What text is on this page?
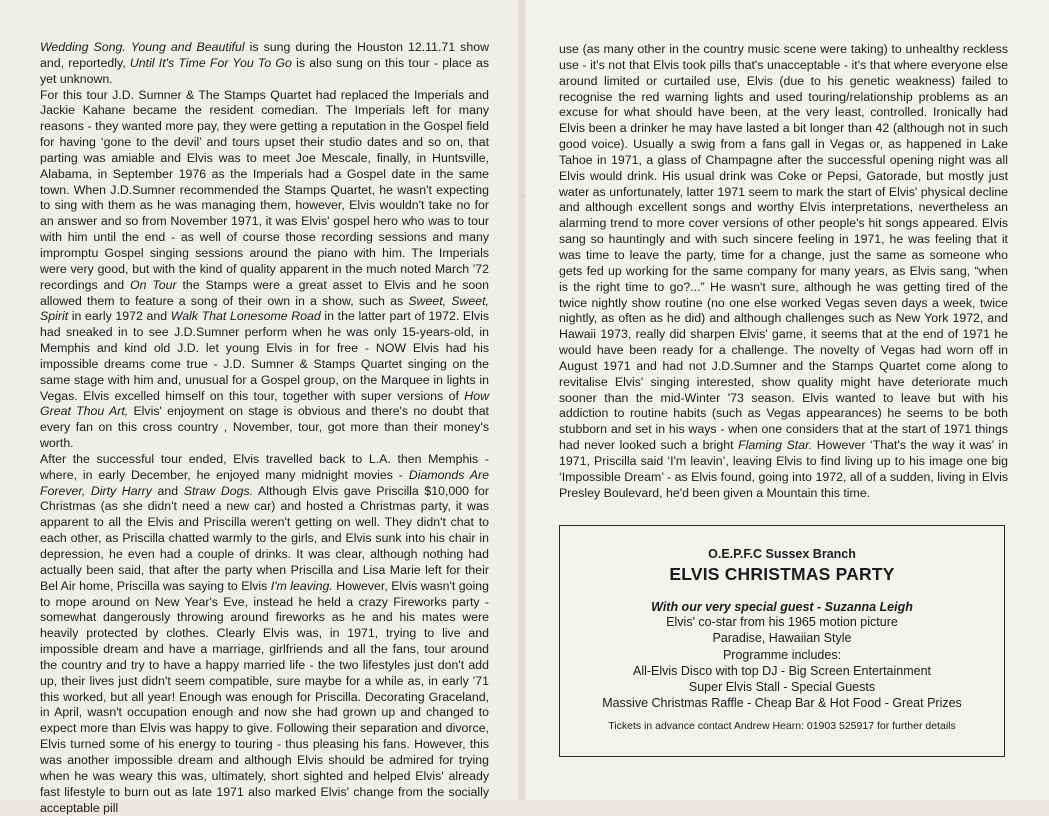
·

Wedding Song. Young and Beautiful is sung during the Houston 12.11.71 show and, reportedly, Until It's Time For You To Go is also sung on this tour - place as yet unknown.

For this tour J.D. Sumner & The Stamps Quartet had replaced the Imperials and Jackie Kahane became the resident comedian. The Imperials left for many reasons - they wanted more pay, they were getting a reputation in the Gospel field for having ‘gone to the devil’ and tours upset their studio dates and so on, that parting was amiable and Elvis was to meet Joe Mescale, finally, in Huntsville, Alabama, in September 1976 as the Imperials had a Gospel date in the same town. When J.D.Sumner recommended the Stamps Quartet, he wasn't expecting to sing with them as he was managing them, however, Elvis wouldn't take no for an answer and so from November 1971, it was Elvis' gospel hero who was to tour with him until the end - as well of course those recording sessions and many impromptu Gospel singing sessions around the piano with him. The Imperials were very good, but with the kind of quality apparent in the much noted March '72 recordings and On Tour the Stamps were a great asset to Elvis and he soon allowed them to feature a song of their own in a show, such as Sweet, Sweet, Spirit in early 1972 and Walk That Lonesome Road in the latter part of 1972. Elvis had sneaked in to see J.D.Sumner perform when he was only 15-years-old, in Memphis and kind old J.D. let young Elvis in for free - NOW Elvis had his impossible dreams come true - J.D. Sumner & Stamps Quartet singing on the same stage with him and, unusual for a Gospel group, on the Marquee in lights in Vegas. Elvis excelled himself on this tour, together with super versions of How Great Thou Art, Elvis' enjoyment on stage is obvious and there's no doubt that every fan on this cross country , November, tour, got more than their money's worth.

After the successful tour ended, Elvis travelled back to L.A. then Memphis - where, in early December, he enjoyed many midnight movies - Diamonds Are Forever, Dirty Harry and Straw Dogs. Although Elvis gave Priscilla $10,000 for Christmas (as she didn't need a new car) and hosted a Christmas party, it was apparent to all the Elvis and Priscilla weren't getting on well. They didn't chat to each other, as Priscilla chatted warmly to the girls, and Elvis sunk into his chair in depression, he even had a couple of drinks. It was clear, although nothing had actually been said, that after the party when Priscilla and Lisa Marie left for their Bel Air home, Priscilla was saying to Elvis I'm leaving. However, Elvis wasn't going to mope around on New Year's Eve, instead he held a crazy Fireworks party - somewhat dangerously throwing around fireworks as he and his mates were heavily protected by clothes. Clearly Elvis was, in 1971, trying to live and impossible dream and have a marriage, girlfriends and all the fans, tour around the country and try to have a happy married life - the two lifestyles just don't add up, their lives just didn't seem compatible, sure maybe for a while as, in early '71 this worked, but all year! Enough was enough for Priscilla. Decorating Graceland, in April, wasn't occupation enough and now she had grown up and changed to expect more than Elvis was happy to give. Following their separation and divorce, Elvis turned some of his energy to touring - thus pleasing his fans. However, this was another impossible dream and although Elvis should be admired for trying when he was weary this was, ultimately, short sighted and helped Elvis' already fast lifestyle to burn out as late 1971 also marked Elvis' change from the socially acceptable pill

use (as many other in the country music scene were taking) to unhealthy reckless use - it's not that Elvis took pills that's unacceptable - it's that where everyone else around limited or curtailed use, Elvis (due to his genetic weakness) failed to recognise the red warning lights and used touring/relationship problems as an excuse for what should have been, at the very least, controlled. Ironically had Elvis been a drinker he may have lasted a bit longer than 42 (although not in such good voice). Usually a swig from a fans gall in Vegas or, as happened in Lake Tahoe in 1971, a glass of Champagne after the successful opening night was all Elvis would drink. His usual drink was Coke or Pepsi, Gatorade, but mostly just water as unfortunately, latter 1971 seem to mark the start of Elvis' physical decline and although excellent songs and worthy Elvis interpretations, nevertheless an alarming trend to more cover versions of other people's hit songs appeared. Elvis sang so hauntingly and with such sincere feeling in 1971, he was feeling that it was time to leave the party, time for a change, just the same as someone who gets fed up working for the same company for many years, as Elvis sang, “when is the right time to go?...” He wasn't sure, although he was getting tired of the twice nightly show routine (no one else worked Vegas seven days a week, twice nightly, as often as he did) and although challenges such as New York 1972, and Hawaii 1973, really did sharpen Elvis' game, it seems that at the end of 1971 he would have been ready for a challenge. The novelty of Vegas had worn off in August 1971 and had not J.D.Sumner and the Stamps Quartet come along to revitalise Elvis' singing interested, show quality might have deteriorate much sooner than the mid-Winter '73 season. Elvis wanted to leave but with his addiction to routine habits (such as Vegas appearances) he seems to be both stubborn and set in his ways - when one considers that at the start of 1971 things had never looked such a bright Flaming Star. However ‘That's the way it was’ in 1971, Priscilla said ‘I'm leavin’, leaving Elvis to find living up to his image one big ‘Impossible Dream’ - as Elvis found, going into 1972, all of a sudden, living in Elvis Presley Boulevard, he'd been given a Mountain this time.

O.E.P.F.C Sussex Branch
ELVIS CHRISTMAS PARTY
With our very special guest - Suzanna Leigh
Elvis' co-star from his 1965 motion picture
Paradise, Hawaiian Style
Programme includes:
All-Elvis Disco with top DJ - Big Screen Entertainment
Super Elvis Stall - Special Guests
Massive Christmas Raffle - Cheap Bar & Hot Food - Great Prizes
Tickets in advance contact Andrew Hearn: 01903 525917 for further details
